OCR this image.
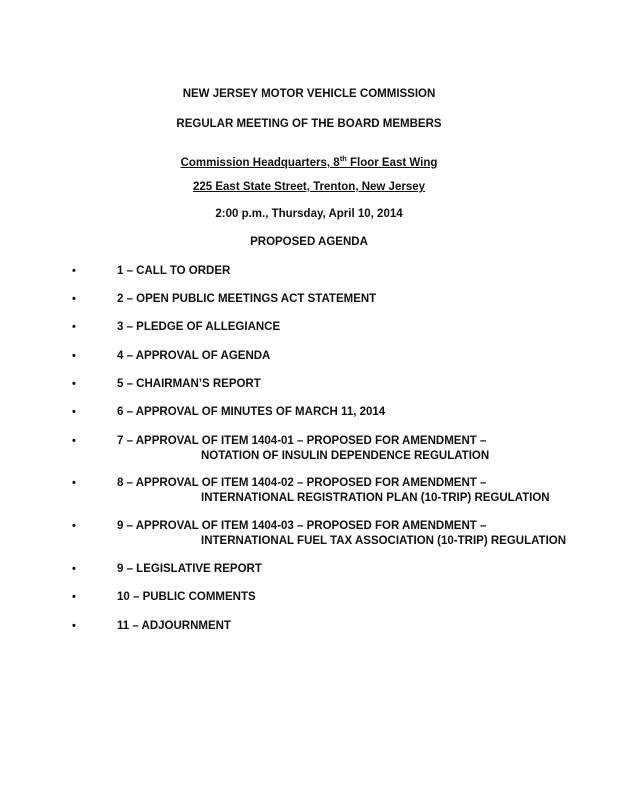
NEW JERSEY MOTOR VEHICLE COMMISSION
REGULAR MEETING OF THE BOARD MEMBERS
Commission Headquarters, 8th Floor East Wing
225 East State Street, Trenton, New Jersey
2:00 p.m., Thursday, April 10, 2014
PROPOSED AGENDA
•	1 – CALL TO ORDER
•	2 – OPEN PUBLIC MEETINGS ACT STATEMENT
•	3 – PLEDGE OF ALLEGIANCE
•	4 – APPROVAL OF AGENDA
•	5 – CHAIRMAN’S REPORT
•	6 – APPROVAL OF MINUTES OF MARCH 11, 2014
•	7 – APPROVAL OF ITEM 1404-01 – PROPOSED FOR AMENDMENT –
NOTATION OF INSULIN DEPENDENCE REGULATION
•	8 – APPROVAL OF ITEM 1404-02 – PROPOSED FOR AMENDMENT –
INTERNATIONAL REGISTRATION PLAN (10-TRIP) REGULATION
•	9 – APPROVAL OF ITEM 1404-03 – PROPOSED FOR AMENDMENT –
INTERNATIONAL FUEL TAX ASSOCIATION (10-TRIP) REGULATION
•	9 – LEGISLATIVE REPORT
•	10 – PUBLIC COMMENTS
•	11 – ADJOURNMENT
